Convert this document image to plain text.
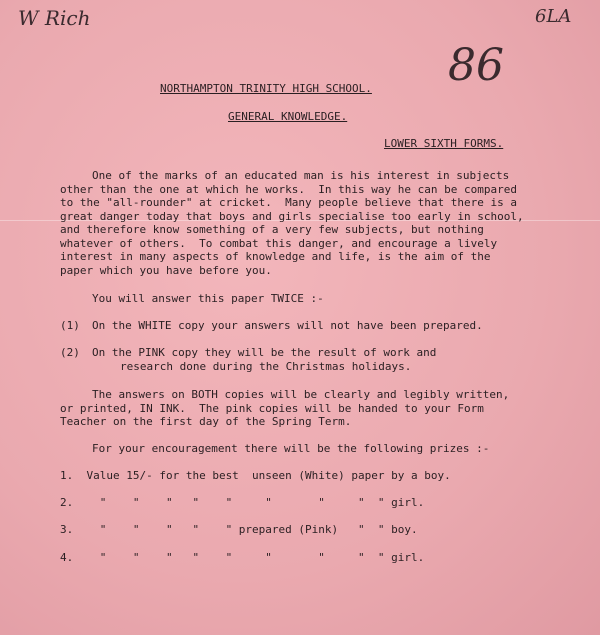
W Rich	6LA
86
NORTHAMPTON TRINITY HIGH SCHOOL.
GENERAL KNOWLEDGE.
LOWER SIXTH FORMS.
One of the marks of an educated man is his interest in subjects
other than the one at which he works.  In this way he can be compared
to the "all-rounder" at cricket.  Many people believe that there is a
great danger today that boys and girls specialise too early in school,
and therefore know something of a very few subjects, but nothing
whatever of others.  To combat this danger, and encourage a lively
interest in many aspects of knowledge and life, is the aim of the
paper which you have before you.
You will answer this paper TWICE :-
(1) On the WHITE copy your answers will not have been prepared.
(2) On the PINK copy they will be the result of work and
research done during the Christmas holidays.
The answers on BOTH copies will be clearly and legibly written,
or printed, IN INK.  The pink copies will be handed to your Form
Teacher on the first day of the Spring Term.
For your encouragement there will be the following prizes :-
1.  Value 15/- for the best  unseen (White) paper by a boy.
2.    "    "    "   "    "     "       "     "  " girl.
3.    "    "    "   "    " prepared (Pink)   "  " boy.
4.    "    "    "   "    "     "       "     "  " girl.
